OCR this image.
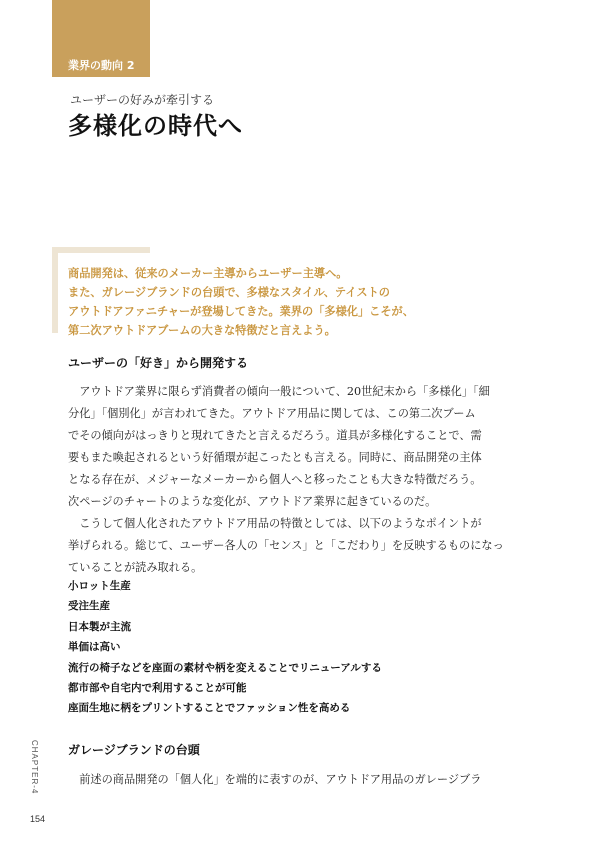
業界の動向 2
ユーザーの好みが牽引する
多様化の時代へ
商品開発は、従来のメーカー主導からユーザー主導へ。
また、ガレージブランドの台頭で、多様なスタイル、テイストの
アウトドアファニチャーが登場してきた。業界の「多様化」こそが、
第二次アウトドアブームの大きな特徴だと言えよう。
ユーザーの「好き」から開発する
　アウトドア業界に限らず消費者の傾向一般について、20世紀末から「多様化」「細
分化」「個別化」が言われてきた。アウトドア用品に関しては、この第二次ブーム
でその傾向がはっきりと現れてきたと言えるだろう。道具が多様化することで、需
要もまた喚起されるという好循環が起こったとも言える。同時に、商品開発の主体
となる存在が、メジャーなメーカーから個人へと移ったことも大きな特徴だろう。
次ページのチャートのような変化が、アウトドア業界に起きているのだ。
　こうして個人化されたアウトドア用品の特徴としては、以下のようなポイントが
挙げられる。総じて、ユーザー各人の「センス」と「こだわり」を反映するものになっ
ていることが読み取れる。
小ロット生産
受注生産
日本製が主流
単価は高い
流行の椅子などを座面の素材や柄を変えることでリニューアルする
都市部や自宅内で利用することが可能
座面生地に柄をプリントすることでファッション性を高める
ガレージブランドの台頭
　前述の商品開発の「個人化」を端的に表すのが、アウトドア用品のガレージブラ
CHAPTER-4
154
